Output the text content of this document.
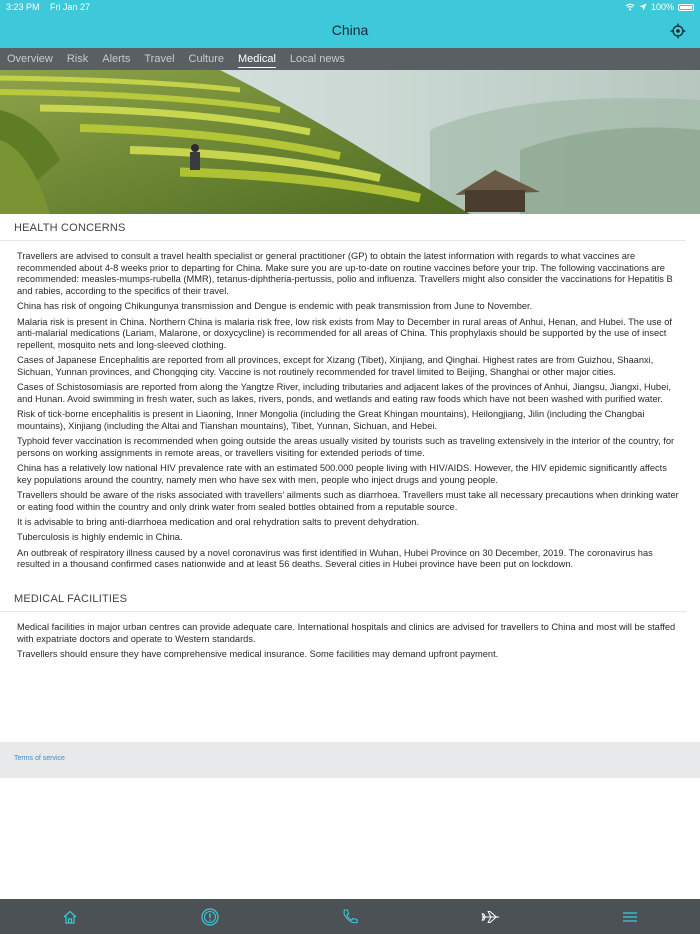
3:23 PM Fri Jan 27	100%
China
Overview Risk Alerts Travel Culture Medical Local news
HEALTH CONCERNS

Travellers are advised to consult a travel health specialist or general practitioner (GP) to obtain the latest information with regards to what vaccines are recommended about 4-8 weeks prior to departing for China. Make sure you are up-to-date on routine vaccines before your trip. The following vaccinations are recommended: measles-mumps-rubella (MMR), tetanus-diphtheria-pertussis, polio and influenza. Travellers might also consider the vaccinations for Hepatitis B and rabies, according to the specifics of their travel.

China has risk of ongoing Chikungunya transmission and Dengue is endemic with peak transmission from June to November.

Malaria risk is present in China. Northern China is malaria risk free, low risk exists from May to December in rural areas of Anhui, Henan, and Hubei. The use of anti-malarial medications (Lariam, Malarone, or doxycycline) is recommended for all areas of China. This prophylaxis should be supported by the use of insect repellent, mosquito nets and long-sleeved clothing.

Cases of Japanese Encephalitis are reported from all provinces, except for Xizang (Tibet), Xinjiang, and Qinghai. Highest rates are from Guizhou, Shaanxi, Sichuan, Yunnan provinces, and Chongqing city. Vaccine is not routinely recommended for travel limited to Beijing, Shanghai or other major cities.

Cases of Schistosomiasis are reported from along the Yangtze River, including tributaries and adjacent lakes of the provinces of Anhui, Jiangsu, Jiangxi, Hubei, and Hunan. Avoid swimming in fresh water, such as lakes, rivers, ponds, and wetlands and eating raw foods which have not been washed with purified water.

Risk of tick-borne encephalitis is present in Liaoning, Inner Mongolia (including the Great Khingan mountains), Heilongjiang, Jilin (including the Changbai mountains), Xinjiang (including the Altai and Tianshan mountains), Tibet, Yunnan, Sichuan, and Hebei.

Typhoid fever vaccination is recommended when going outside the areas usually visited by tourists such as traveling extensively in the interior of the country, for persons on working assignments in remote areas, or travellers visiting for extended periods of time.

China has a relatively low national HIV prevalence rate with an estimated 500.000 people living with HIV/AIDS. However, the HIV epidemic significantly affects key populations around the country, namely men who have sex with men, people who inject drugs and young people.

Travellers should be aware of the risks associated with travellers’ ailments such as diarrhoea. Travellers must take all necessary precautions when drinking water or eating food within the country and only drink water from sealed bottles obtained from a reputable source.

It is advisable to bring anti-diarrhoea medication and oral rehydration salts to prevent dehydration.

Tuberculosis is highly endemic in China.

An outbreak of respiratory illness caused by a novel coronavirus was first identified in Wuhan, Hubei Province on 30 December, 2019. The coronavirus has resulted in a thousand confirmed cases nationwide and at least 56 deaths. Several cities in Hubei province have been put on lockdown.

MEDICAL FACILITIES

Medical facilities in major urban centres can provide adequate care. International hospitals and clinics are advised for travellers to China and most will be staffed with expatriate doctors and operate to Western standards.

Travellers should ensure they have comprehensive medical insurance. Some facilities may demand upfront payment.

Terms of service
